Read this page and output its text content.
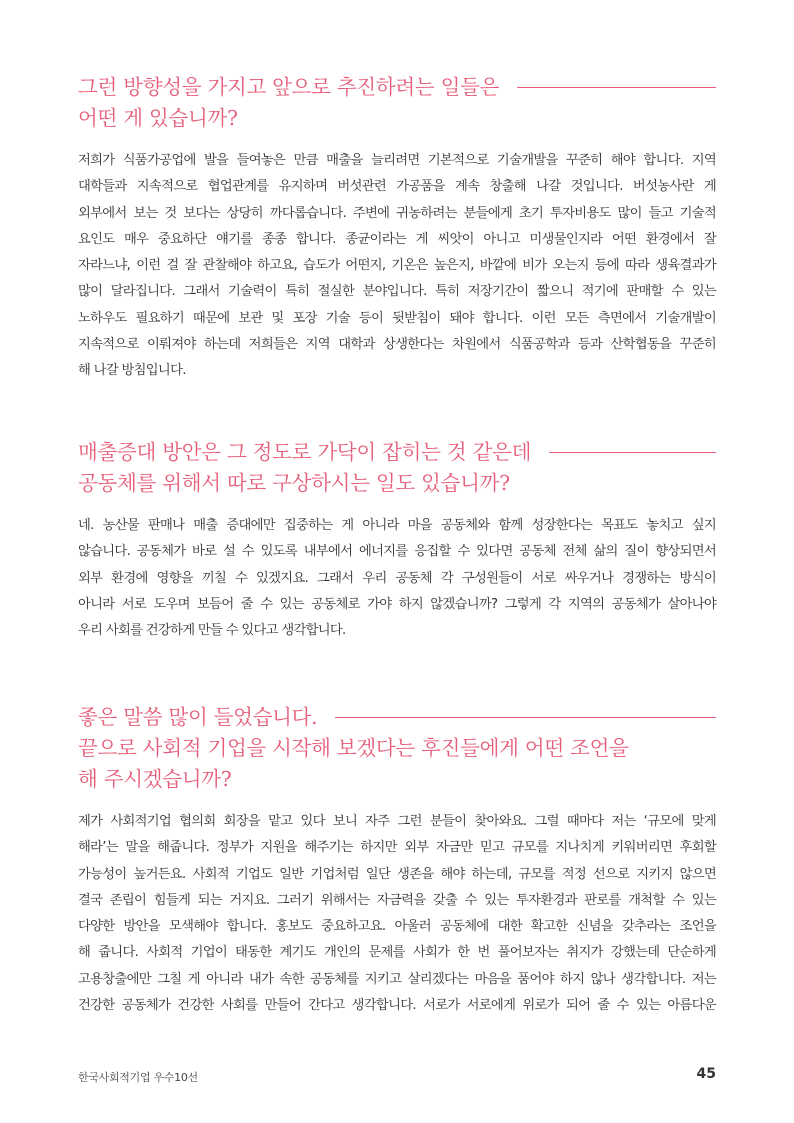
그런 방향성을 가지고 앞으로 추진하려는 일들은
어떤 게 있습니까?
저희가 식품가공업에 발을 들여놓은 만큼 매출을 늘리려면 기본적으로 기술개발을 꾸준히 해야 합니다. 지역
대학들과 지속적으로 협업관계를 유지하며 버섯관련 가공품을 계속 창출해 나갈 것입니다. 버섯농사란 게
외부에서 보는 것 보다는 상당히 까다롭습니다. 주변에 귀농하려는 분들에게 초기 투자비용도 많이 들고 기술적
요인도 매우 중요하단 얘기를 종종 합니다. 종균이라는 게 씨앗이 아니고 미생물인지라 어떤 환경에서 잘
자라느냐, 이런 걸 잘 관찰해야 하고요, 습도가 어떤지, 기온은 높은지, 바깥에 비가 오는지 등에 따라 생육결과가
많이 달라집니다. 그래서 기술력이 특히 절실한 분야입니다. 특히 저장기간이 짧으니 적기에 판매할 수 있는
노하우도 필요하기 때문에 보관 및 포장 기술 등이 뒷받침이 돼야 합니다. 이런 모든 측면에서 기술개발이
지속적으로 이뤄져야 하는데 저희들은 지역 대학과 상생한다는 차원에서 식품공학과 등과 산학협동을 꾸준히
해 나갈 방침입니다.
매출증대 방안은 그 정도로 가닥이 잡히는 것 같은데
공동체를 위해서 따로 구상하시는 일도 있습니까?
네. 농산물 판매나 매출 증대에만 집중하는 게 아니라 마을 공동체와 함께 성장한다는 목표도 놓치고 싶지
않습니다. 공동체가 바로 설 수 있도록 내부에서 에너지를 응집할 수 있다면 공동체 전체 삶의 질이 향상되면서
외부 환경에 영향을 끼칠 수 있겠지요. 그래서 우리 공동체 각 구성원들이 서로 싸우거나 경쟁하는 방식이
아니라 서로 도우며 보듬어 줄 수 있는 공동체로 가야 하지 않겠습니까? 그렇게 각 지역의 공동체가 살아나야
우리 사회를 건강하게 만들 수 있다고 생각합니다.
좋은 말씀 많이 들었습니다.
끝으로 사회적 기업을 시작해 보겠다는 후진들에게 어떤 조언을
해 주시겠습니까?
제가 사회적기업 협의회 회장을 맡고 있다 보니 자주 그런 분들이 찾아와요. 그럴 때마다 저는 ‘규모에 맞게
해라’는 말을 해줍니다. 정부가 지원을 해주기는 하지만 외부 자금만 믿고 규모를 지나치게 키워버리면 후회할
가능성이 높거든요. 사회적 기업도 일반 기업처럼 일단 생존을 해야 하는데, 규모를 적정 선으로 지키지 않으면
결국 존립이 힘들게 되는 거지요. 그러기 위해서는 자금력을 갖출 수 있는 투자환경과 판로를 개척할 수 있는
다양한 방안을 모색해야 합니다. 홍보도 중요하고요. 아울러 공동체에 대한 확고한 신념을 갖추라는 조언을
해 줍니다. 사회적 기업이 태동한 계기도 개인의 문제를 사회가 한 번 풀어보자는 취지가 강했는데 단순하게
고용창출에만 그칠 게 아니라 내가 속한 공동체를 지키고 살리겠다는 마음을 품어야 하지 않나 생각합니다. 저는
건강한 공동체가 건강한 사회를 만들어 간다고 생각합니다. 서로가 서로에게 위로가 되어 줄 수 있는 아름다운
한국사회적기업 우수10선	45
